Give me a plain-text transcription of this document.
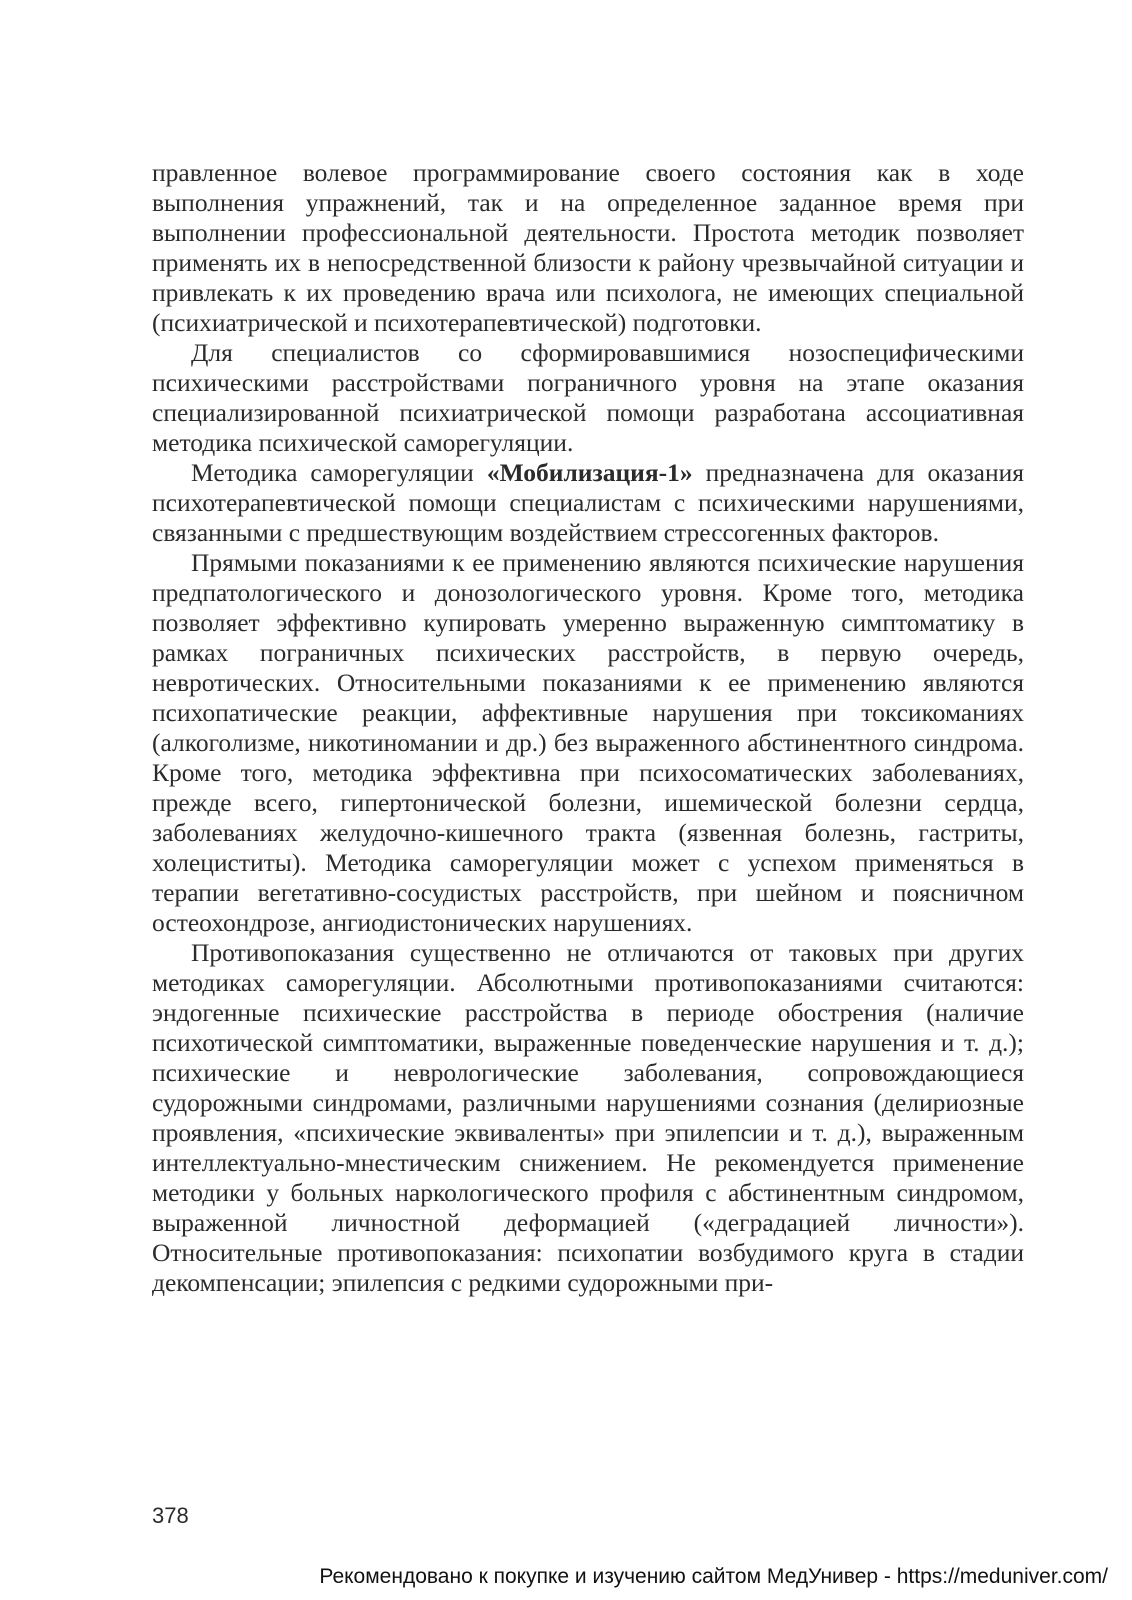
правленное волевое программирование своего состояния как в ходе выполнения упражнений, так и на определенное заданное время при выполнении профессиональной деятельности. Простота методик позволяет применять их в непосредственной близости к району чрезвычайной ситуации и привлекать к их проведению врача или психолога, не имеющих специальной (психиатрической и психотерапевтической) подготовки.

Для специалистов со сформировавшимися нозоспецифическими психическими расстройствами пограничного уровня на этапе оказания специализированной психиатрической помощи разработана ассоциативная методика психической саморегуляции.

Методика саморегуляции «Мобилизация-1» предназначена для оказания психотерапевтической помощи специалистам с психическими нарушениями, связанными с предшествующим воздействием стрессогенных факторов.

Прямыми показаниями к ее применению являются психические нарушения предпатологического и донозологического уровня. Кроме того, методика позволяет эффективно купировать умеренно выраженную симптоматику в рамках пограничных психических расстройств, в первую очередь, невротических. Относительными показаниями к ее применению являются психопатические реакции, аффективные нарушения при токсикоманиях (алкоголизме, никотиномании и др.) без выраженного абстинентного синдрома. Кроме того, методика эффективна при психосоматических заболеваниях, прежде всего, гипертонической болезни, ишемической болезни сердца, заболеваниях желудочно-кишечного тракта (язвенная болезнь, гастриты, холециститы). Методика саморегуляции может с успехом применяться в терапии вегетативно-сосудистых расстройств, при шейном и поясничном остеохондрозе, ангиодистонических нарушениях.

Противопоказания существенно не отличаются от таковых при других методиках саморегуляции. Абсолютными противопоказаниями считаются: эндогенные психические расстройства в периоде обострения (наличие психотической симптоматики, выраженные поведенческие нарушения и т. д.); психические и неврологические заболевания, сопровождающиеся судорожными синдромами, различными нарушениями сознания (делириозные проявления, «психические эквиваленты» при эпилепсии и т. д.), выраженным интеллектуально-мнестическим снижением. Не рекомендуется применение методики у больных наркологического профиля с абстинентным синдромом, выраженной личностной деформацией («деградацией личности»). Относительные противопоказания: психопатии возбудимого круга в стадии декомпенсации; эпилепсия с редкими судорожными при-

378
Рекомендовано к покупке и изучению сайтом МедУнивер - https://meduniver.com/
